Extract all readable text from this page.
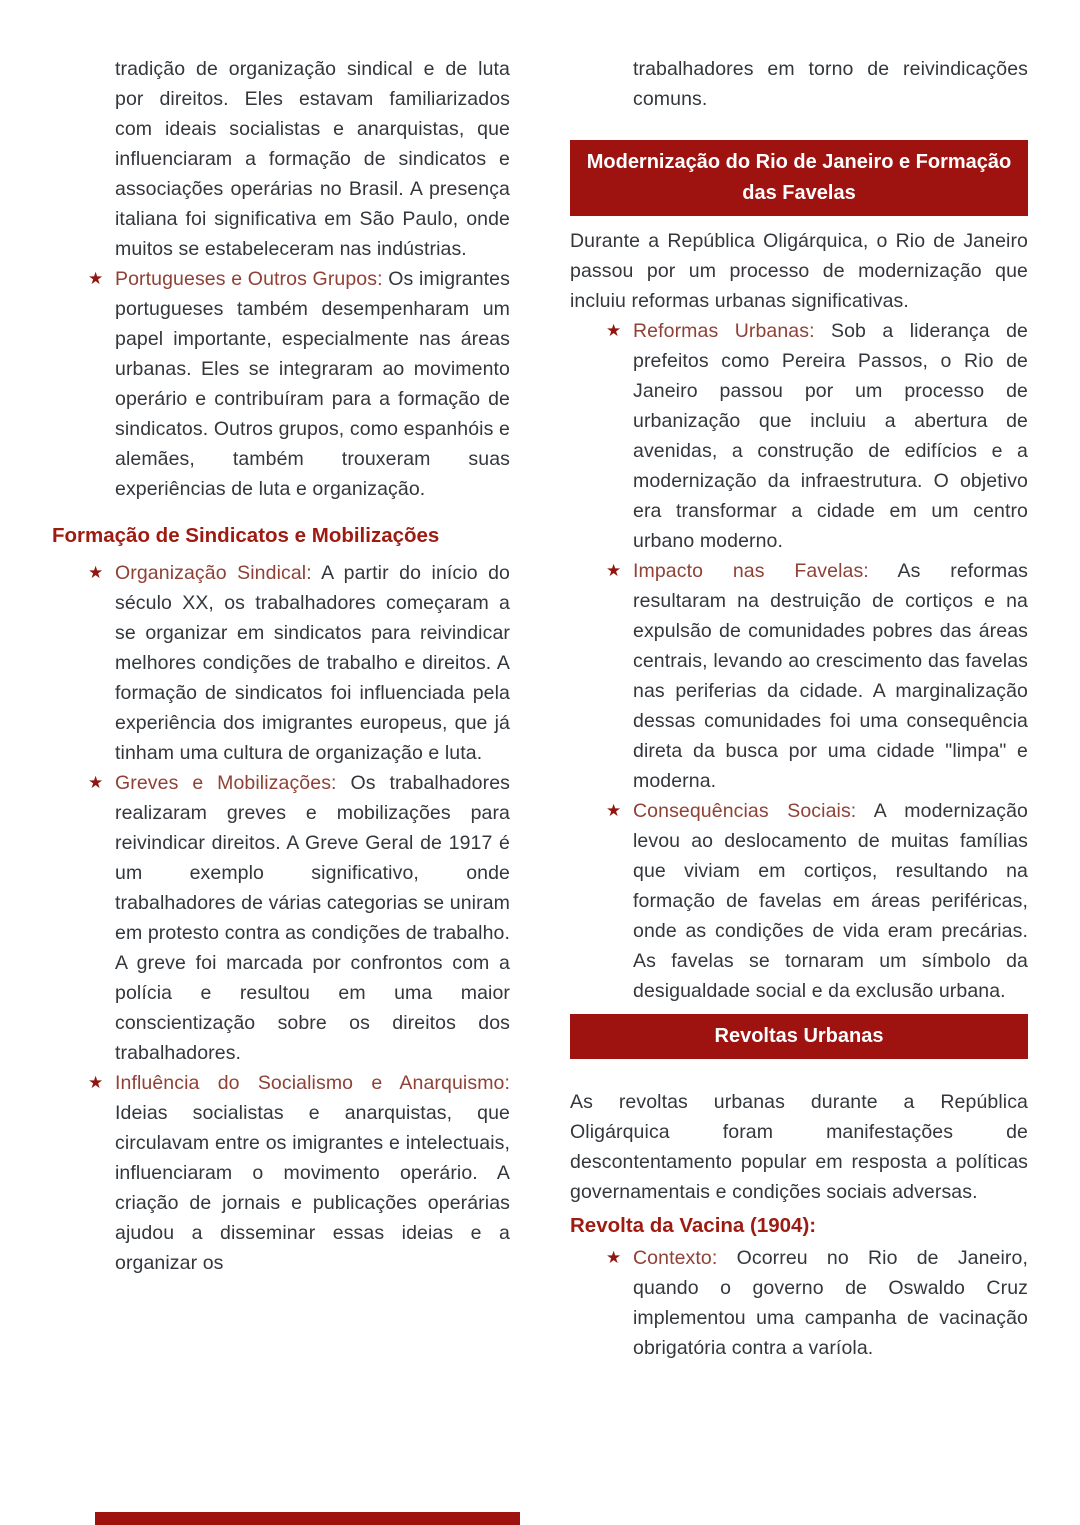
tradição de organização sindical e de luta por direitos. Eles estavam familiarizados com ideais socialistas e anarquistas, que influenciaram a formação de sindicatos e associações operárias no Brasil. A presença italiana foi significativa em São Paulo, onde muitos se estabeleceram nas indústrias.

★ Portugueses e Outros Grupos: Os imigrantes portugueses também desempenharam um papel importante, especialmente nas áreas urbanas. Eles se integraram ao movimento operário e contribuíram para a formação de sindicatos. Outros grupos, como espanhóis e alemães, também trouxeram suas experiências de luta e organização.
Formação de Sindicatos e Mobilizações
★ Organização Sindical: A partir do início do século XX, os trabalhadores começaram a se organizar em sindicatos para reivindicar melhores condições de trabalho e direitos. A formação de sindicatos foi influenciada pela experiência dos imigrantes europeus, que já tinham uma cultura de organização e luta.
★ Greves e Mobilizações: Os trabalhadores realizaram greves e mobilizações para reivindicar direitos. A Greve Geral de 1917 é um exemplo significativo, onde trabalhadores de várias categorias se uniram em protesto contra as condições de trabalho. A greve foi marcada por confrontos com a polícia e resultou em uma maior conscientização sobre os direitos dos trabalhadores.
★ Influência do Socialismo e Anarquismo: Ideias socialistas e anarquistas, que circulavam entre os imigrantes e intelectuais, influenciaram o movimento operário. A criação de jornais e publicações operárias ajudou a disseminar essas ideias e a organizar os

trabalhadores em torno de reivindicações comuns.

Modernização do Rio de Janeiro e Formação das Favelas

Durante a República Oligárquica, o Rio de Janeiro passou por um processo de modernização que incluiu reformas urbanas significativas.

★ Reformas Urbanas: Sob a liderança de prefeitos como Pereira Passos, o Rio de Janeiro passou por um processo de urbanização que incluiu a abertura de avenidas, a construção de edifícios e a modernização da infraestrutura. O objetivo era transformar a cidade em um centro urbano moderno.
★ Impacto nas Favelas: As reformas resultaram na destruição de cortiços e na expulsão de comunidades pobres das áreas centrais, levando ao crescimento das favelas nas periferias da cidade. A marginalização dessas comunidades foi uma consequência direta da busca por uma cidade "limpa" e moderna.
★ Consequências Sociais: A modernização levou ao deslocamento de muitas famílias que viviam em cortiços, resultando na formação de favelas em áreas periféricas, onde as condições de vida eram precárias. As favelas se tornaram um símbolo da desigualdade social e da exclusão urbana.
Revoltas Urbanas

As revoltas urbanas durante a República Oligárquica foram manifestações de descontentamento popular em resposta a políticas governamentais e condições sociais adversas.

Revolta da Vacina (1904):
★ Contexto: Ocorreu no Rio de Janeiro, quando o governo de Oswaldo Cruz implementou uma campanha de vacinação obrigatória contra a varíola.
